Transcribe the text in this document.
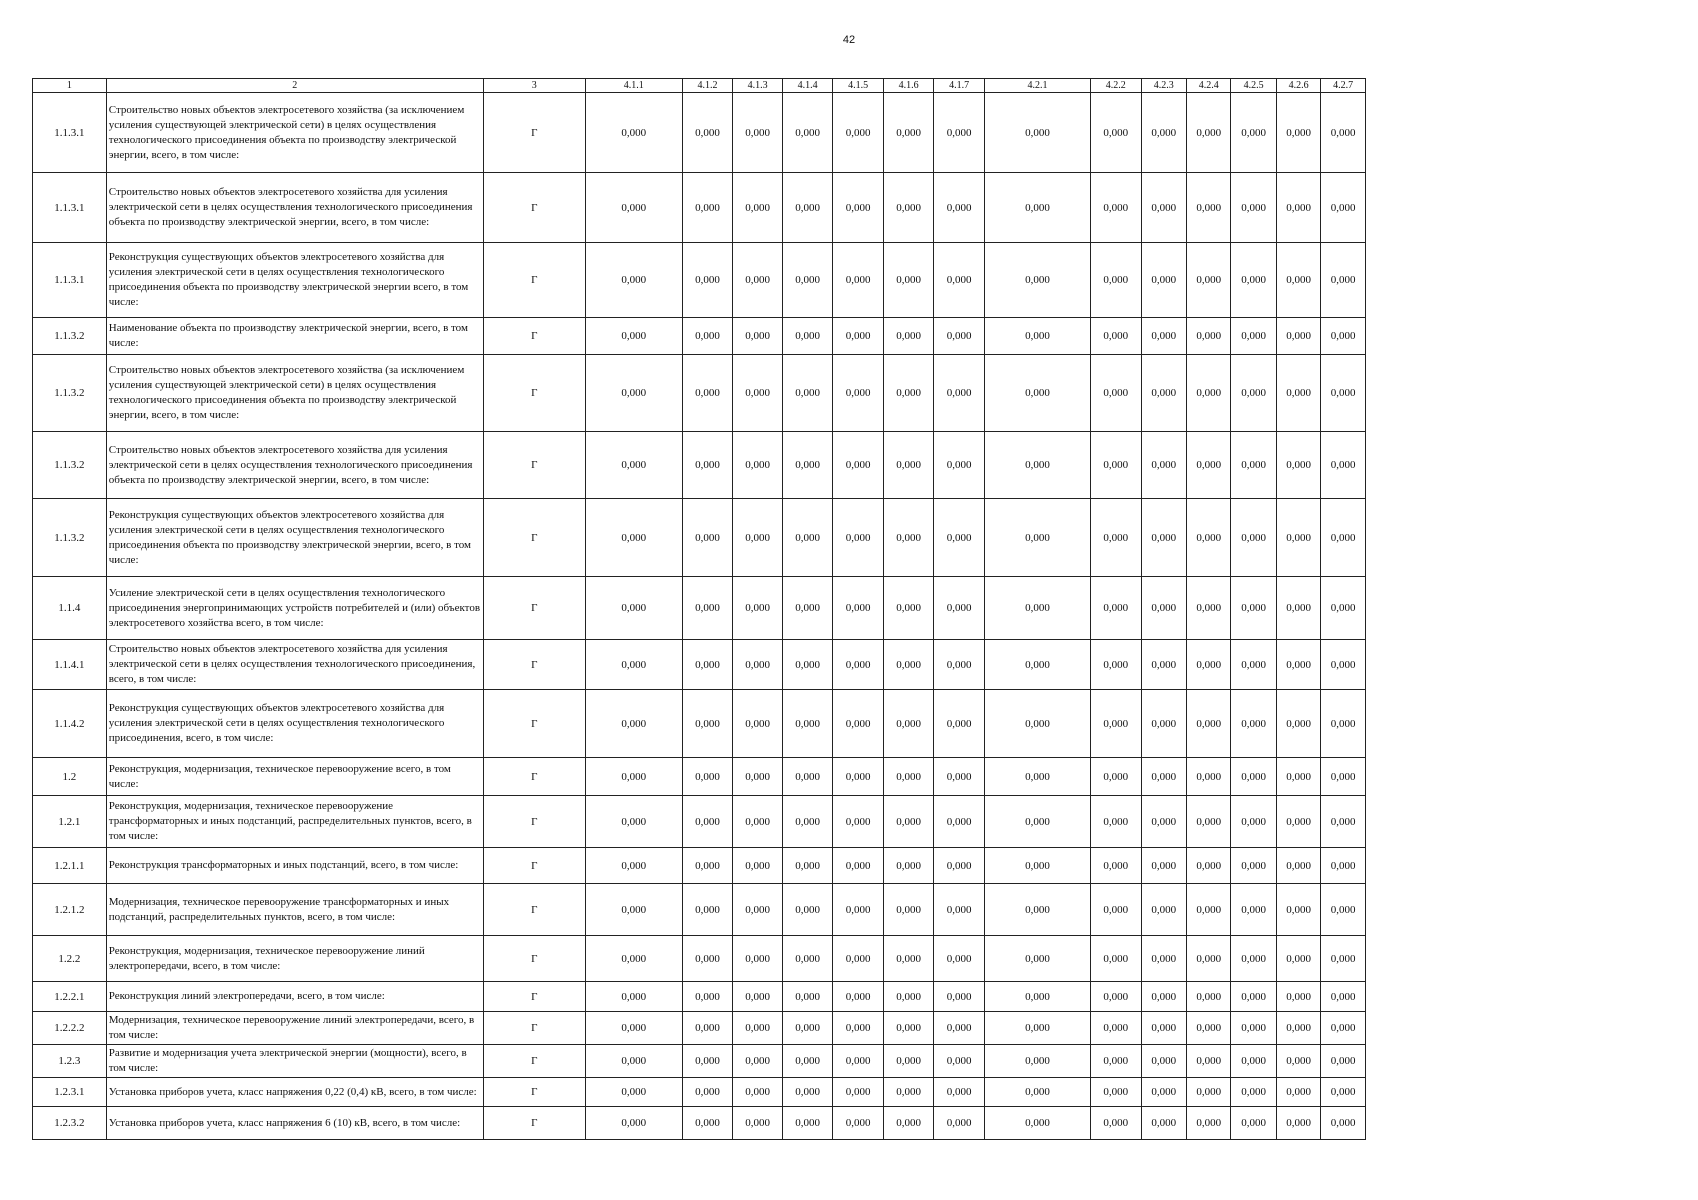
42
1	2	3	4.1.1	4.1.2	4.1.3	4.1.4	4.1.5	4.1.6	4.1.7	4.2.1	4.2.2	4.2.3	4.2.4	4.2.5	4.2.6	4.2.7
1.1.3.1	Строительство новых объектов электросетевого хозяйства (за исключением усиления существующей электрической сети) в целях осуществления технологического присоединения объекта по производству электрической энергии, всего, в том числе:	Г	0,000	0,000	0,000	0,000	0,000	0,000	0,000	0,000	0,000	0,000	0,000	0,000	0,000	0,000
1.1.3.1	Строительство новых объектов электросетевого хозяйства для усиления электрической сети в целях осуществления технологического присоединения объекта по производству электрической энергии, всего, в том числе:	Г	0,000	0,000	0,000	0,000	0,000	0,000	0,000	0,000	0,000	0,000	0,000	0,000	0,000	0,000
1.1.3.1	Реконструкция существующих объектов электросетевого хозяйства для усиления электрической сети в целях осуществления технологического присоединения объекта по производству электрической энергии всего, в том числе:	Г	0,000	0,000	0,000	0,000	0,000	0,000	0,000	0,000	0,000	0,000	0,000	0,000	0,000	0,000
1.1.3.2	Наименование объекта по производству электрической энергии, всего, в том числе:	Г	0,000	0,000	0,000	0,000	0,000	0,000	0,000	0,000	0,000	0,000	0,000	0,000	0,000	0,000
1.1.3.2	Строительство новых объектов электросетевого хозяйства (за исключением усиления существующей электрической сети) в целях осуществления технологического присоединения объекта по производству электрической энергии, всего, в том числе:	Г	0,000	0,000	0,000	0,000	0,000	0,000	0,000	0,000	0,000	0,000	0,000	0,000	0,000	0,000
1.1.3.2	Строительство новых объектов электросетевого хозяйства для усиления электрической сети в целях осуществления технологического присоединения объекта по производству электрической энергии, всего, в том числе:	Г	0,000	0,000	0,000	0,000	0,000	0,000	0,000	0,000	0,000	0,000	0,000	0,000	0,000	0,000
1.1.3.2	Реконструкция существующих объектов электросетевого хозяйства для усиления электрической сети в целях осуществления технологического присоединения объекта по производству электрической энергии, всего, в том числе:	Г	0,000	0,000	0,000	0,000	0,000	0,000	0,000	0,000	0,000	0,000	0,000	0,000	0,000	0,000
1.1.4	Усиление электрической сети в целях осуществления технологического присоединения энергопринимающих устройств потребителей и (или) объектов электросетевого хозяйства всего, в том числе:	Г	0,000	0,000	0,000	0,000	0,000	0,000	0,000	0,000	0,000	0,000	0,000	0,000	0,000	0,000
1.1.4.1	Строительство новых объектов электросетевого хозяйства для усиления электрической сети в целях осуществления технологического присоединения, всего, в том числе:	Г	0,000	0,000	0,000	0,000	0,000	0,000	0,000	0,000	0,000	0,000	0,000	0,000	0,000	0,000
1.1.4.2	Реконструкция существующих объектов электросетевого хозяйства для усиления электрической сети в целях осуществления технологического присоединения, всего, в том числе:	Г	0,000	0,000	0,000	0,000	0,000	0,000	0,000	0,000	0,000	0,000	0,000	0,000	0,000	0,000
1.2	Реконструкция, модернизация, техническое перевооружение всего, в том числе:	Г	0,000	0,000	0,000	0,000	0,000	0,000	0,000	0,000	0,000	0,000	0,000	0,000	0,000	0,000
1.2.1	Реконструкция, модернизация, техническое перевооружение трансформаторных и иных подстанций, распределительных пунктов, всего, в том числе:	Г	0,000	0,000	0,000	0,000	0,000	0,000	0,000	0,000	0,000	0,000	0,000	0,000	0,000	0,000
1.2.1.1	Реконструкция трансформаторных и иных подстанций, всего, в том числе:	Г	0,000	0,000	0,000	0,000	0,000	0,000	0,000	0,000	0,000	0,000	0,000	0,000	0,000	0,000
1.2.1.2	Модернизация, техническое перевооружение трансформаторных и иных подстанций, распределительных пунктов, всего, в том числе:	Г	0,000	0,000	0,000	0,000	0,000	0,000	0,000	0,000	0,000	0,000	0,000	0,000	0,000	0,000
1.2.2	Реконструкция, модернизация, техническое перевооружение линий электропередачи, всего, в том числе:	Г	0,000	0,000	0,000	0,000	0,000	0,000	0,000	0,000	0,000	0,000	0,000	0,000	0,000	0,000
1.2.2.1	Реконструкция линий электропередачи, всего, в том числе:	Г	0,000	0,000	0,000	0,000	0,000	0,000	0,000	0,000	0,000	0,000	0,000	0,000	0,000	0,000
1.2.2.2	Модернизация, техническое перевооружение линий электропередачи, всего, в том числе:	Г	0,000	0,000	0,000	0,000	0,000	0,000	0,000	0,000	0,000	0,000	0,000	0,000	0,000	0,000
1.2.3	Развитие и модернизация учета электрической энергии (мощности), всего, в том числе:	Г	0,000	0,000	0,000	0,000	0,000	0,000	0,000	0,000	0,000	0,000	0,000	0,000	0,000	0,000
1.2.3.1	Установка приборов учета, класс напряжения 0,22 (0,4) кВ, всего, в том числе:	Г	0,000	0,000	0,000	0,000	0,000	0,000	0,000	0,000	0,000	0,000	0,000	0,000	0,000	0,000
1.2.3.2	Установка приборов учета, класс напряжения 6 (10) кВ, всего, в том числе:	Г	0,000	0,000	0,000	0,000	0,000	0,000	0,000	0,000	0,000	0,000	0,000	0,000	0,000	0,000
